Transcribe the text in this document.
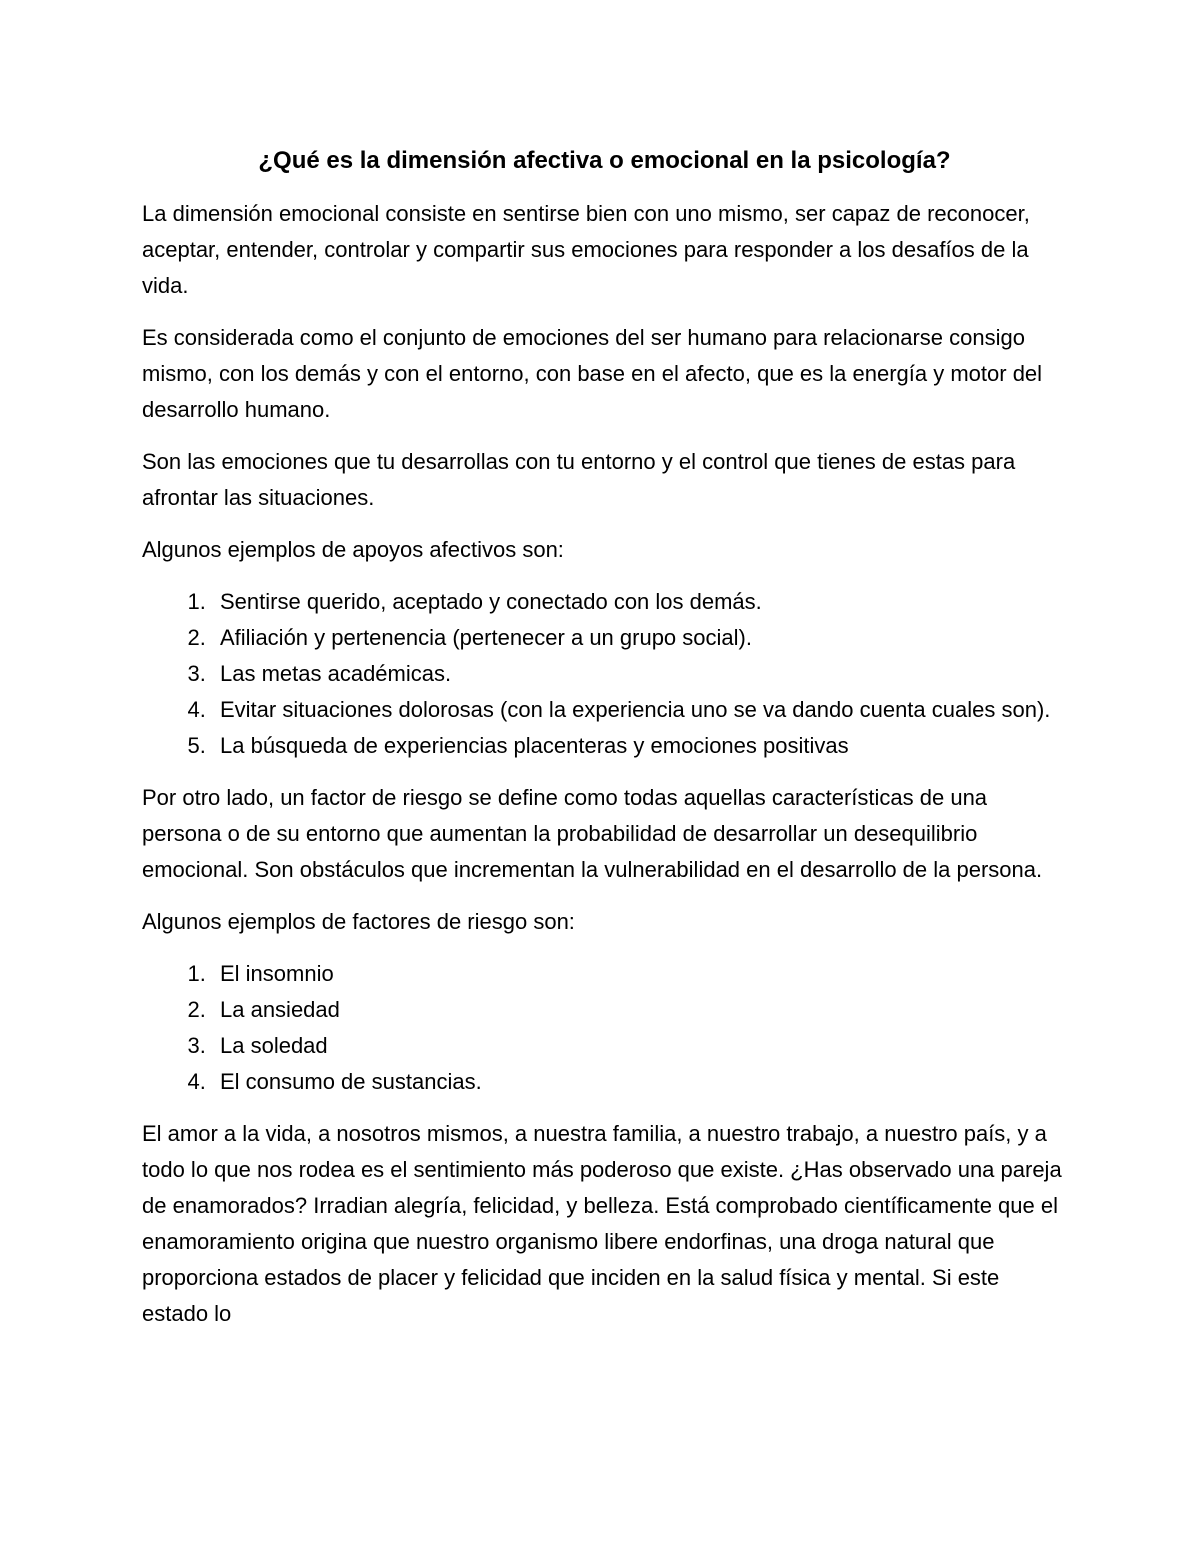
¿Qué es la dimensión afectiva o emocional en la psicología?

La dimensión emocional consiste en sentirse bien con uno mismo, ser capaz de reconocer, aceptar, entender, controlar y compartir sus emociones para responder a los desafíos de la vida.

Es considerada como el conjunto de emociones del ser humano para relacionarse consigo mismo, con los demás y con el entorno, con base en el afecto, que es la energía y motor del desarrollo humano.

Son las emociones que tu desarrollas con tu entorno y el control que tienes de estas para afrontar las situaciones.

Algunos ejemplos de apoyos afectivos son:

1. Sentirse querido, aceptado y conectado con los demás.
2. Afiliación y pertenencia (pertenecer a un grupo social).
3. Las metas académicas.
4. Evitar situaciones dolorosas (con la experiencia uno se va dando cuenta cuales son).
5. La búsqueda de experiencias placenteras y emociones positivas

Por otro lado, un factor de riesgo se define como todas aquellas características de una persona o de su entorno que aumentan la probabilidad de desarrollar un desequilibrio emocional. Son obstáculos que incrementan la vulnerabilidad en el desarrollo de la persona.

Algunos ejemplos de factores de riesgo son:

1. El insomnio
2. La ansiedad
3. La soledad
4. El consumo de sustancias.

El amor a la vida, a nosotros mismos, a nuestra familia, a nuestro trabajo, a nuestro país, y a todo lo que nos rodea es el sentimiento más poderoso que existe. ¿Has observado una pareja de enamorados? Irradian alegría, felicidad, y belleza. Está comprobado científicamente que el enamoramiento origina que nuestro organismo libere endorfinas, una droga natural que proporciona estados de placer y felicidad que inciden en la salud física y mental. Si este estado lo
